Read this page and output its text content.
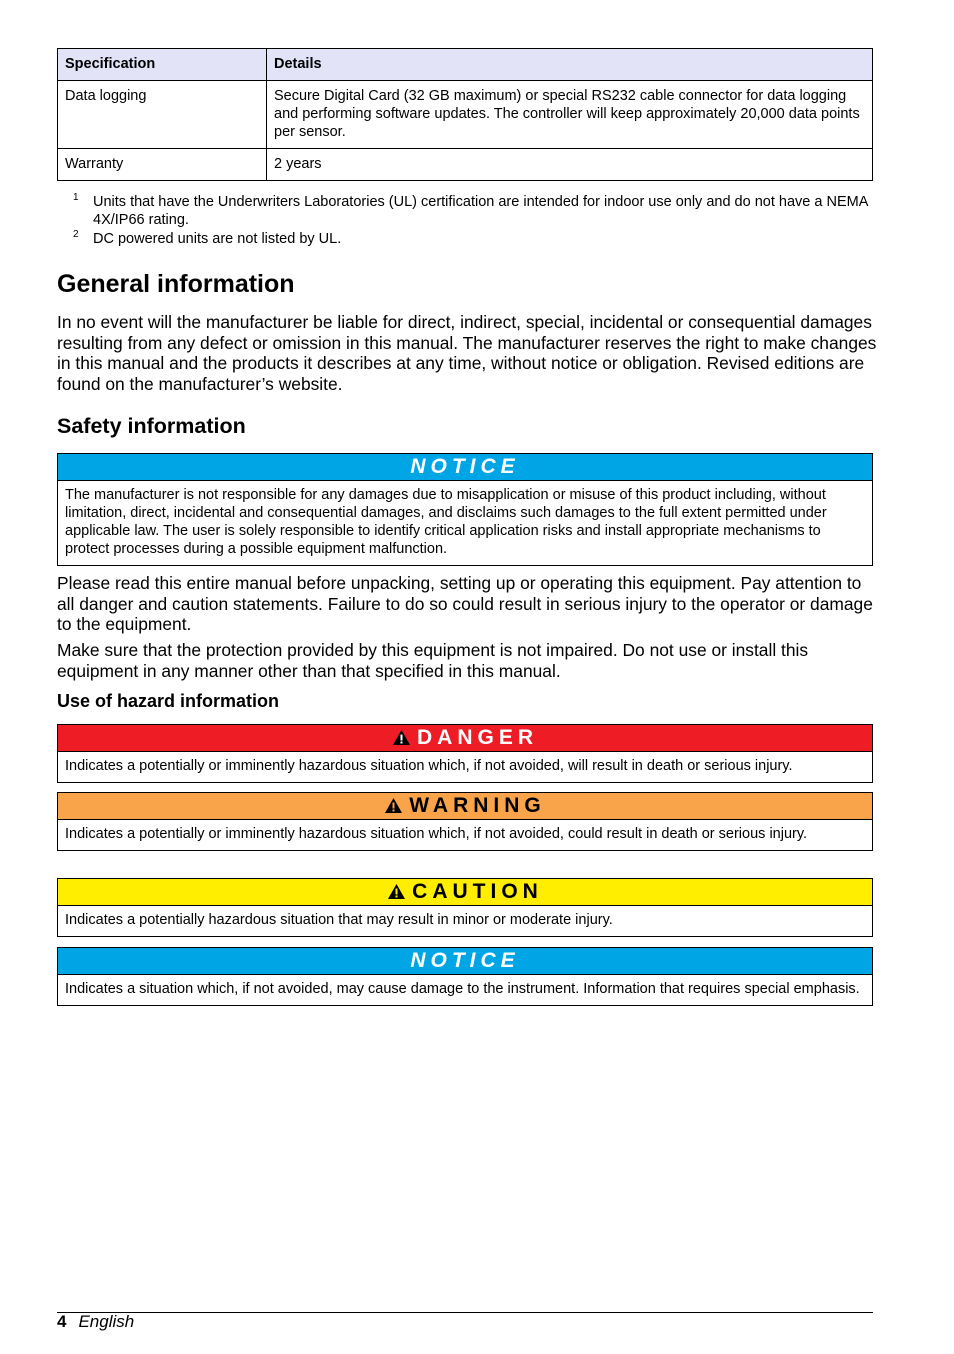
Specification	Details
Data logging	Secure Digital Card (32 GB maximum) or special RS232 cable connector for data logging and performing software updates. The controller will keep approximately 20,000 data points per sensor.
Warranty	2 years
1 Units that have the Underwriters Laboratories (UL) certification are intended for indoor use only and do not have a NEMA 4X/IP66 rating.
2 DC powered units are not listed by UL.
General information

In no event will the manufacturer be liable for direct, indirect, special, incidental or consequential damages resulting from any defect or omission in this manual. The manufacturer reserves the right to make changes in this manual and the products it describes at any time, without notice or obligation. Revised editions are found on the manufacturer’s website.

Safety information
NOTICE
The manufacturer is not responsible for any damages due to misapplication or misuse of this product including, without limitation, direct, incidental and consequential damages, and disclaims such damages to the full extent permitted under applicable law. The user is solely responsible to identify critical application risks and install appropriate mechanisms to protect processes during a possible equipment malfunction.

Please read this entire manual before unpacking, setting up or operating this equipment. Pay attention to all danger and caution statements. Failure to do so could result in serious injury to the operator or damage to the equipment.

Make sure that the protection provided by this equipment is not impaired. Do not use or install this equipment in any manner other than that specified in this manual.

Use of hazard information
DANGER
Indicates a potentially or imminently hazardous situation which, if not avoided, will result in death or serious injury.
WARNING
Indicates a potentially or imminently hazardous situation which, if not avoided, could result in death or serious injury.
CAUTION
Indicates a potentially hazardous situation that may result in minor or moderate injury.
NOTICE
Indicates a situation which, if not avoided, may cause damage to the instrument. Information that requires special emphasis.
4 English
